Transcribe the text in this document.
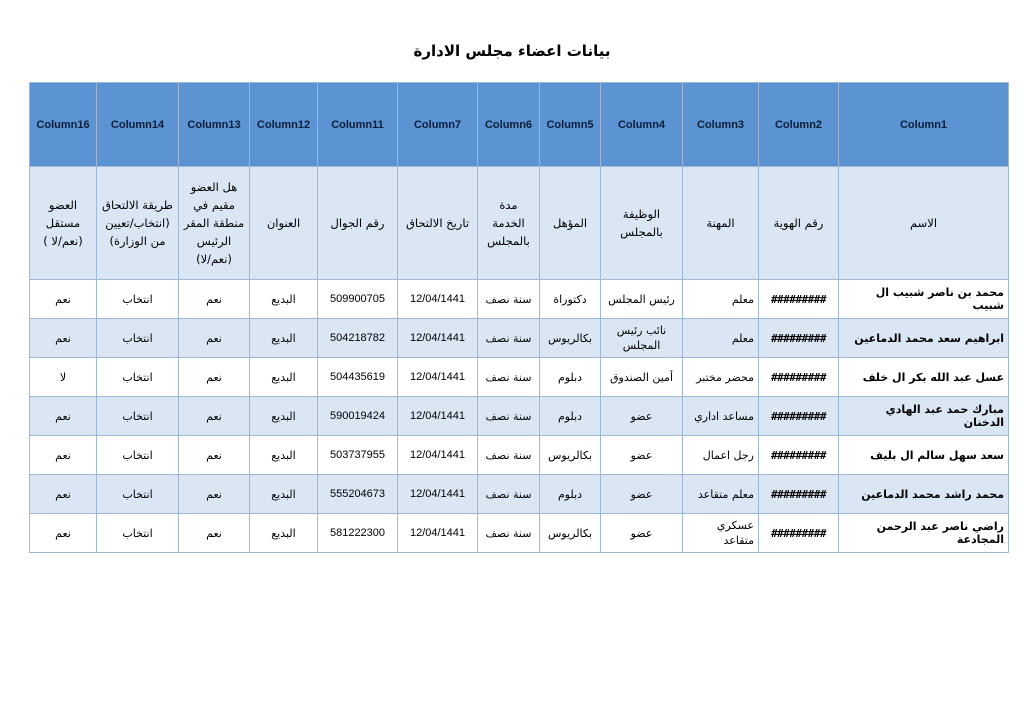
بيانات اعضاء مجلس الادارة
Column16	Column14	Column13	Column12	Column11	Column7	Column6	Column5	Column4	Column3	Column2	Column1
العضو مستقل (نعم/لا )	طريقة الالتحاق (انتخاب/تعيين من الوزارة)	هل العضو مقيم في منطقة المقر الرئيس (نعم/لا)	العنوان	رقم الجوال	تاريخ الالتحاق	مدة الخدمة بالمجلس	المؤهل	الوظيفة بالمجلس	المهنة	رقم الهوية	الاسم
نعم	انتخاب	نعم	البديع	509900705	12/04/1441	سنة نصف	دكتوراة	رئيس المجلس	معلم	#########	محمد بن ناصر شبيب ال شبيب
نعم	انتخاب	نعم	البديع	504218782	12/04/1441	سنة نصف	بكالريوس	نائب رئيس المجلس	معلم	#########	ابراهيم سعد محمد الدماعين
لا	انتخاب	نعم	البديع	504435619	12/04/1441	سنة نصف	دبلوم	أمين الصندوق	محضر مختبر	#########	عسل عبد الله بكر ال خلف
نعم	انتخاب	نعم	البديع	590019424	12/04/1441	سنة نصف	دبلوم	عضو	مساعد اداري	#########	مبارك حمد عبد الهادي الدخنان
نعم	انتخاب	نعم	البديع	503737955	12/04/1441	سنة نصف	بكالريوس	عضو	رجل اعمال	#########	سعد سهل سالم ال بليف
نعم	انتخاب	نعم	البديع	555204673	12/04/1441	سنة نصف	دبلوم	عضو	معلم متقاعد	#########	محمد راشد محمد الدماعين
نعم	انتخاب	نعم	البديع	581222300	12/04/1441	سنة نصف	بكالريوس	عضو	عسكري متقاعد	#########	راضي ناصر عبد الرحمن المجادعة
